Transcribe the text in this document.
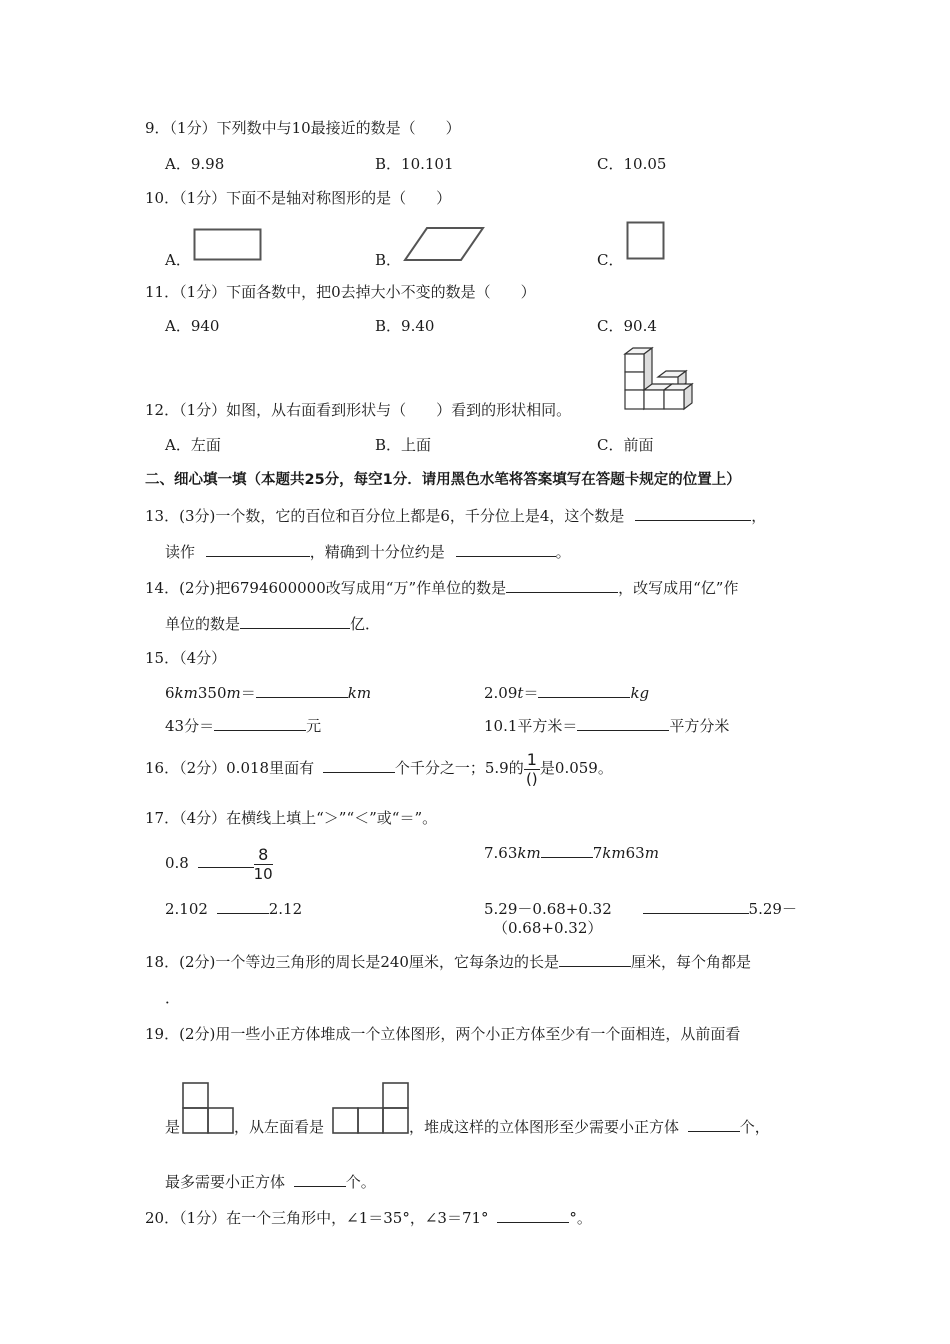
9．（1分）下列数中与10最接近的数是（　　）
A．9.98	B．10.101	C．10.05
10．（1分）下面不是轴对称图形的是（　　）
A．	B．	C．
11．（1分）下面各数中，把0去掉大小不变的数是（　　）
A．940	B．9.40	C．90.4
12．（1分）如图，从右面看到形状与（　　）看到的形状相同。
A．左面	B．上面	C．前面
二、细心填一填（本题共25分，每空1分．请用黑色水笔将答案填写在答题卡规定的位置上）
13．(3分)一个数，它的百位和百分位上都是6，千分位上是4，这个数是	，
读作	，精确到十分位约是	。
14．(2分)把6794600000改写成用“万”作单位的数是	，改写成用“亿”作
单位的数是	亿．
15．（4分）
6km350m＝	km	2.09t＝	kg
43分＝	元	10.1平方米＝	平方分米
16．（2分）0.018里面有	个千分之一；5.9的 $\frac{1}{()}$ 是0.059。
17．（4分）在横线上填上“＞”“＜”或“＝”。
0.8	$\frac{8}{10}$	7.63km	7km63m
2.102	2.12	5.29－0.68+0.32	5.29－
（0.68+0.32）
18．(2分)一个等边三角形的周长是240厘米，它每条边的长是	厘米，每个角都是
．
19．(2分)用一些小正方体堆成一个立体图形，两个小正方体至少有一个面相连，从前面看
是	，从左面看是	，堆成这样的立体图形至少需要小正方体	个，
最多需要小正方体	个。
20．（1分）在一个三角形中，∠1＝35°，∠3＝71°	°。
